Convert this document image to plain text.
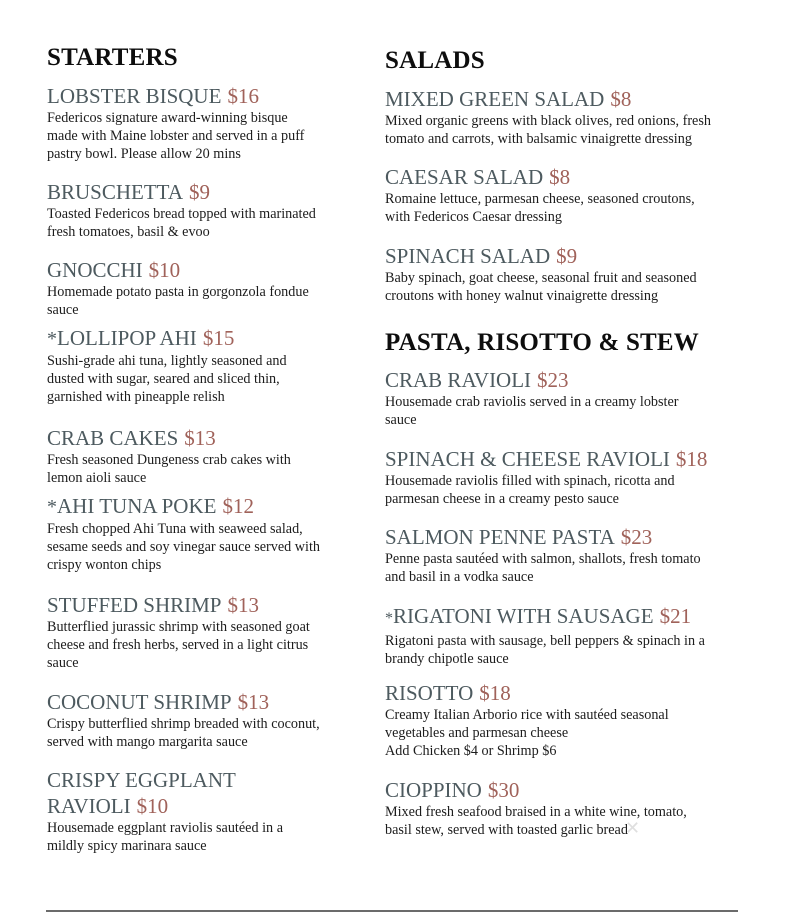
STARTERS
LOBSTER BISQUE $16
Federicos signature award-winning bisque
made with Maine lobster and served in a puff
pastry bowl. Please allow 20 mins
BRUSCHETTA $9
Toasted Federicos bread topped with marinated
fresh tomatoes, basil & evoo
GNOCCHI $10
Homemade potato pasta in gorgonzola fondue
sauce
*LOLLIPOP AHI $15
Sushi-grade ahi tuna, lightly seasoned and
dusted with sugar, seared and sliced thin,
garnished with pineapple relish
CRAB CAKES $13
Fresh seasoned Dungeness crab cakes with
lemon aioli sauce
*AHI TUNA POKE $12
Fresh chopped Ahi Tuna with seaweed salad,
sesame seeds and soy vinegar sauce served with
crispy wonton chips
STUFFED SHRIMP $13
Butterflied jurassic shrimp with seasoned goat
cheese and fresh herbs, served in a light citrus
sauce
COCONUT SHRIMP $13
Crispy butterflied shrimp breaded with coconut,
served with mango margarita sauce
CRISPY EGGPLANT
RAVIOLI $10
Housemade eggplant raviolis sautéed in a
mildly spicy marinara sauce
SALADS
MIXED GREEN SALAD $8
Mixed organic greens with black olives, red onions, fresh
tomato and carrots, with balsamic vinaigrette dressing
CAESAR SALAD $8
Romaine lettuce, parmesan cheese, seasoned croutons,
with Federicos Caesar dressing
SPINACH SALAD $9
Baby spinach, goat cheese, seasonal fruit and seasoned
croutons with honey walnut vinaigrette dressing
PASTA, RISOTTO & STEW
CRAB RAVIOLI $23
Housemade crab raviolis served in a creamy lobster
sauce
SPINACH & CHEESE RAVIOLI $18
Housemade raviolis filled with spinach, ricotta and
parmesan cheese in a creamy pesto sauce
SALMON PENNE PASTA $23
Penne pasta sautéed with salmon, shallots, fresh tomato
and basil in a vodka sauce
*RIGATONI WITH SAUSAGE $21
Rigatoni pasta with sausage, bell peppers & spinach in a
brandy chipotle sauce
RISOTTO $18
Creamy Italian Arborio rice with sautéed seasonal
vegetables and parmesan cheese
Add Chicken $4 or Shrimp $6
CIOPPINO $30
Mixed fresh seafood braised in a white wine, tomato,
basil stew, served with toasted garlic bread
✕
